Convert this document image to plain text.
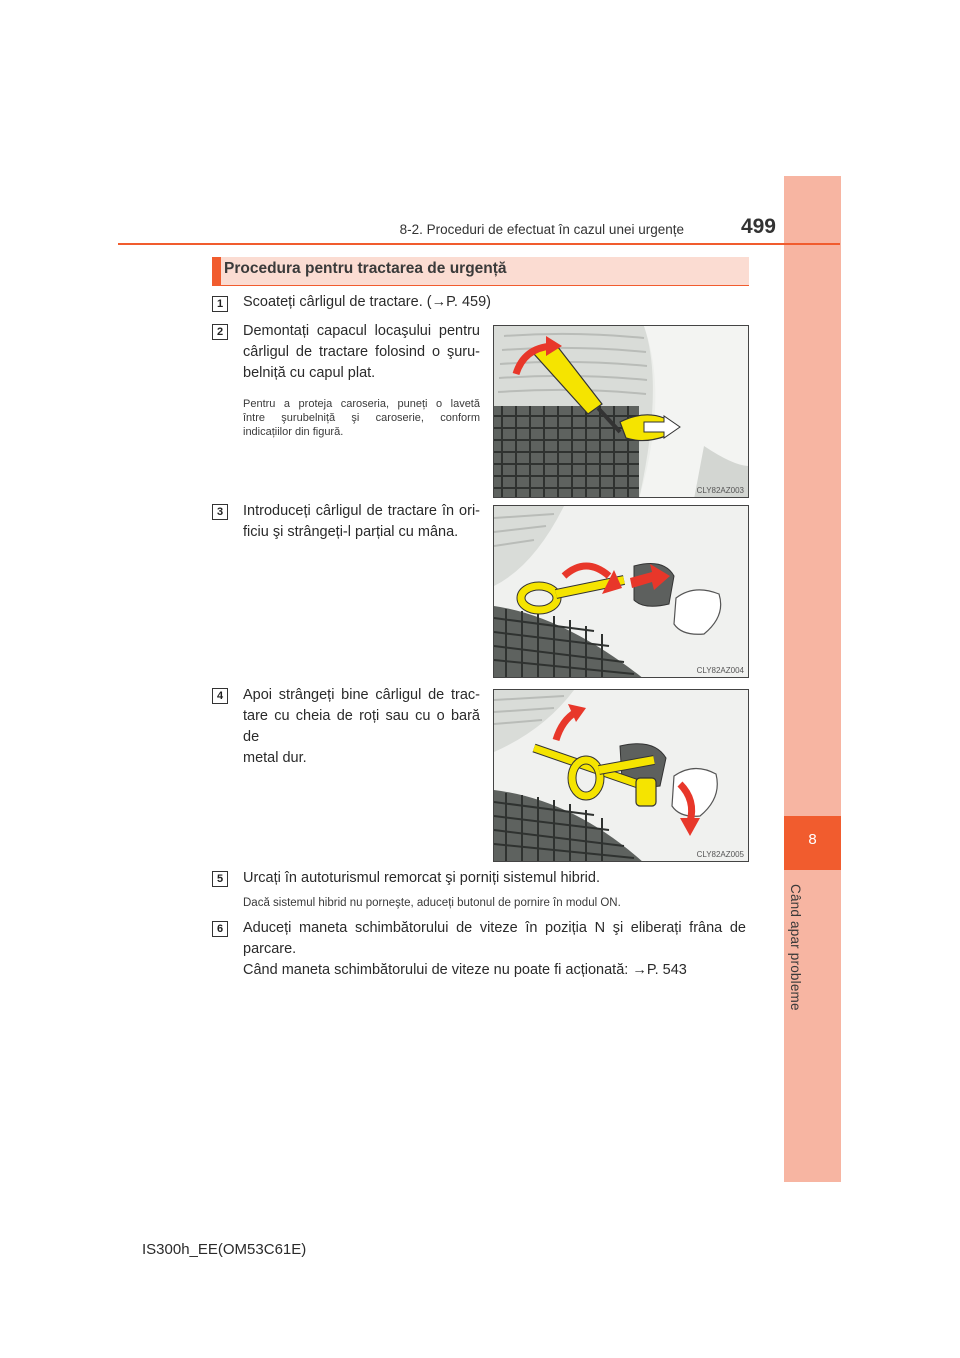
8
Când apar probleme
8-2. Proceduri de efectuat în cazul unei urgențe	499
Procedura pentru tractarea de urgență
1	Scoateți cârligul de tractare. (→P. 459)
2	Demontați capacul locaşului pentru
cârligul de tractare folosind o şuru-
belniță cu capul plat.
Pentru a proteja caroseria, puneți o lavetă
între şurubelniță şi caroserie, conform
indicațiilor din figură.
CLY82AZ003
3	Introduceți cârligul de tractare în ori-
ficiu şi strângeți-l parțial cu mâna.
CLY82AZ004
4	Apoi strângeți bine cârligul de trac-
tare cu cheia de roți sau cu o bară de
metal dur.
CLY82AZ005
5	Urcați în autoturismul remorcat şi porniți sistemul hibrid.
Dacă sistemul hibrid nu porneşte, aduceți butonul de pornire în modul ON.
6	Aduceți maneta schimbătorului de viteze în poziția N şi eliberați frâna de
parcare.
Când maneta schimbătorului de viteze nu poate fi acționată: →P. 543
IS300h_EE(OM53C61E)
